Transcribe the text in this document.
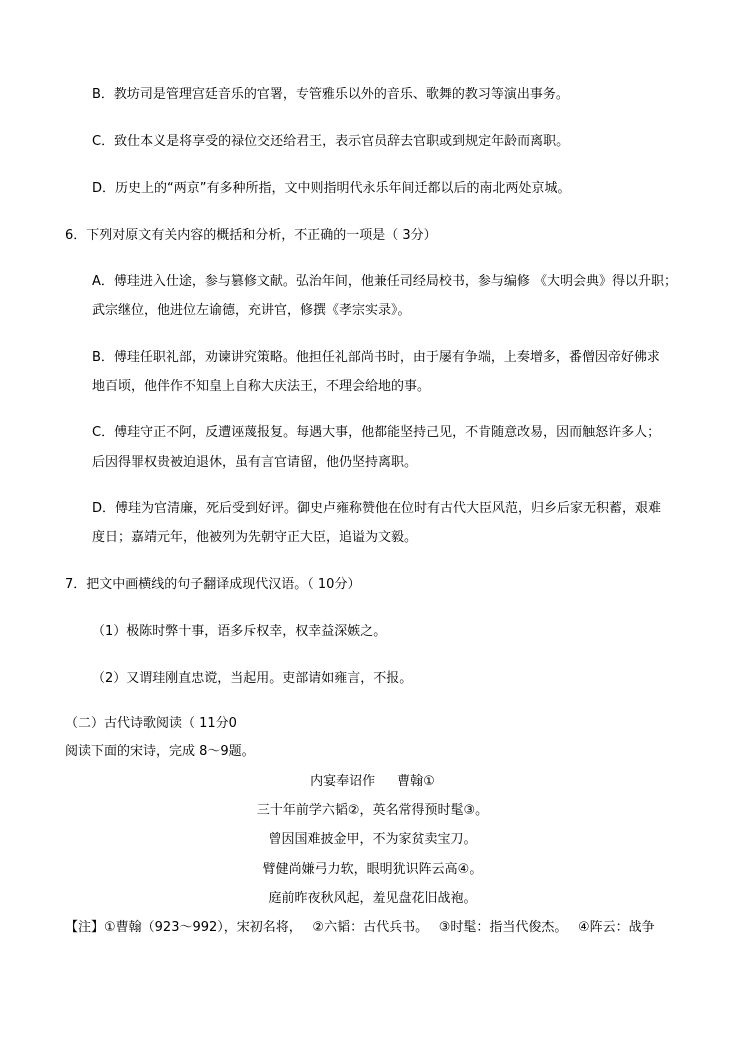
B．教坊司是管理宫廷音乐的官署，专管雅乐以外的音乐、歌舞的教习等演出事务。
C．致仕本义是将享受的禄位交还给君王，表示官员辞去官职或到规定年龄而离职。
D．历史上的“两京”有多种所指，文中则指明代永乐年间迁都以后的南北两处京城。
6．下列对原文有关内容的概括和分析，不正确的一项是（ 3分）
A．傅珪进入仕途，参与篡修文献。弘治年间，他兼任司经局校书，参与编修 《大明会典》得以升职；
武宗继位，他进位左谕德，充讲官，修撰《孝宗实录》。
B．傅珪任职礼部，劝谏讲究策略。他担任礼部尚书时，由于屡有争端，上奏增多，番僧因帝好佛求
地百顷，他伴作不知皇上自称大庆法王，不理会给地的事。
C．傅珪守正不阿，反遭诬蔑报复。每遇大事，他都能坚持己见，不肯随意改易，因而触怒许多人；
后因得罪权贵被迫退休，虽有言官请留，他仍坚持离职。
D．傅珪为官清廉，死后受到好评。御史卢雍称赞他在位时有古代大臣风范，归乡后家无积蓄，艰难
度日；嘉靖元年，他被列为先朝守正大臣，追谥为文毅。
7．把文中画横线的句子翻译成现代汉语。（ 10分）
（1）极陈时弊十事，语多斥权幸，权幸益深嫉之。
（2）又谓珪刚直忠谠，当起用。吏部请如雍言，不报。
（二）古代诗歌阅读（ 11分0
阅读下面的宋诗，完成 8～9题。
内宴奉诏作 曹翰①
三十年前学六韬②，英名常得预时髦③。
曾因国难披金甲，不为家贫卖宝刀。
臂健尚嫌弓力软，眼明犹识阵云高④。
庭前昨夜秋风起，羞见盘花旧战袍。
【注】①曹翰（923～992），宋初名将，　 ②六韬：古代兵书。　 ③时髦：指当代俊杰。　 ④阵云：战争
